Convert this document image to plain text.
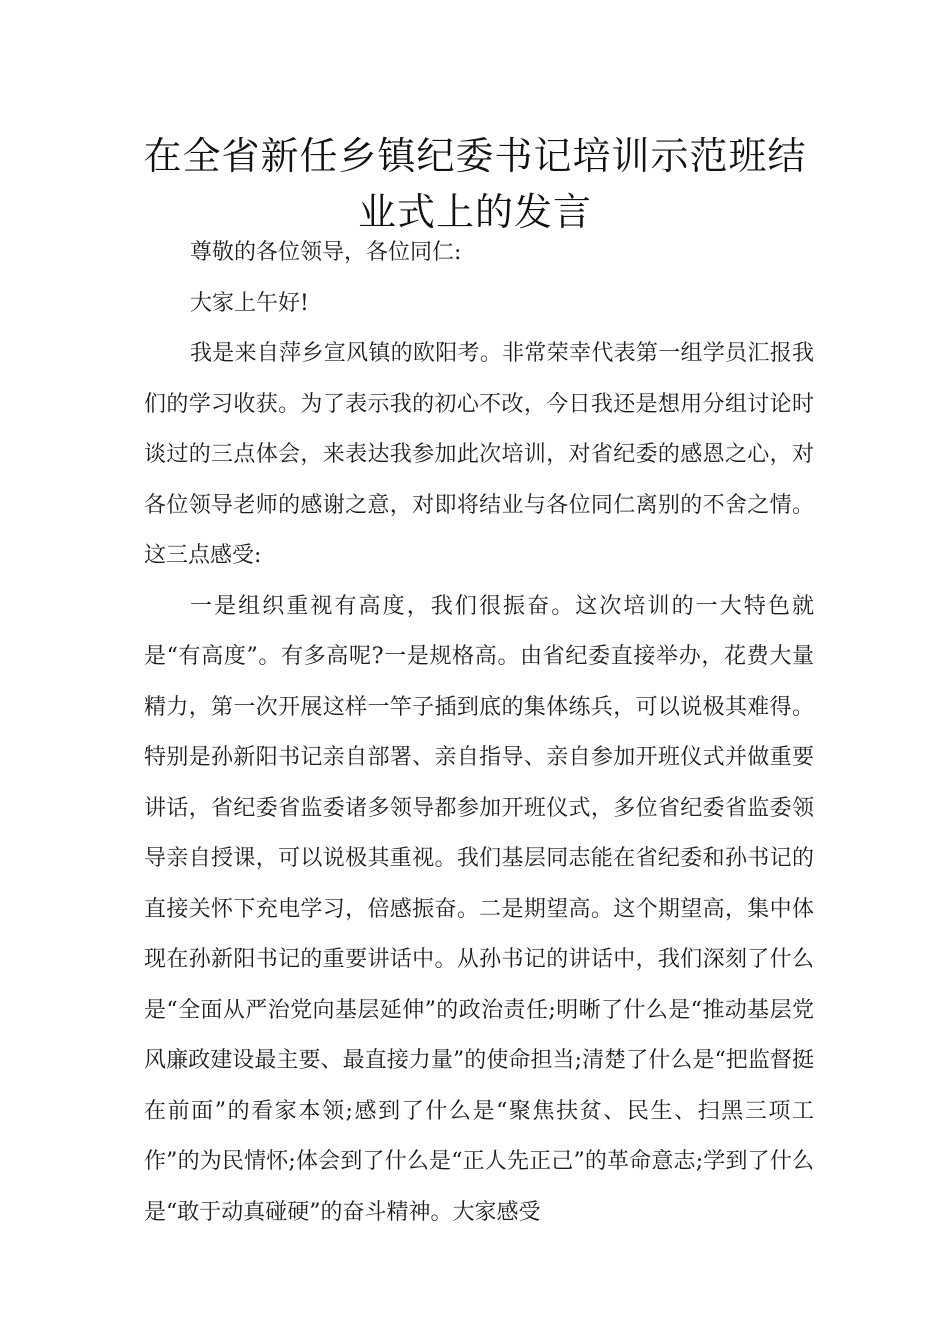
在全省新任乡镇纪委书记培训示范班结
业式上的发言

尊敬的各位领导，各位同仁:

大家上午好!

我是来自萍乡宣风镇的欧阳考。非常荣幸代表第一组学员汇报我们的学习收获。为了表示我的初心不改，今日我还是想用分组讨论时谈过的三点体会，来表达我参加此次培训，对省纪委的感恩之心，对各位领导老师的感谢之意，对即将结业与各位同仁离别的不舍之情。这三点感受:

一是组织重视有高度，我们很振奋。这次培训的一大特色就是“有高度”。有多高呢?一是规格高。由省纪委直接举办，花费大量精力，第一次开展这样一竿子插到底的集体练兵，可以说极其难得。特别是孙新阳书记亲自部署、亲自指导、亲自参加开班仪式并做重要讲话，省纪委省监委诸多领导都参加开班仪式，多位省纪委省监委领导亲自授课，可以说极其重视。我们基层同志能在省纪委和孙书记的直接关怀下充电学习，倍感振奋。二是期望高。这个期望高，集中体现在孙新阳书记的重要讲话中。从孙书记的讲话中，我们深刻了什么是“全面从严治党向基层延伸”的政治责任;明晰了什么是“推动基层党风廉政建设最主要、最直接力量”的使命担当;清楚了什么是“把监督挺在前面”的看家本领;感到了什么是“聚焦扶贫、民生、扫黑三项工作”的为民情怀;体会到了什么是“正人先正己”的革命意志;学到了什么是“敢于动真碰硬”的奋斗精神。大家感受
